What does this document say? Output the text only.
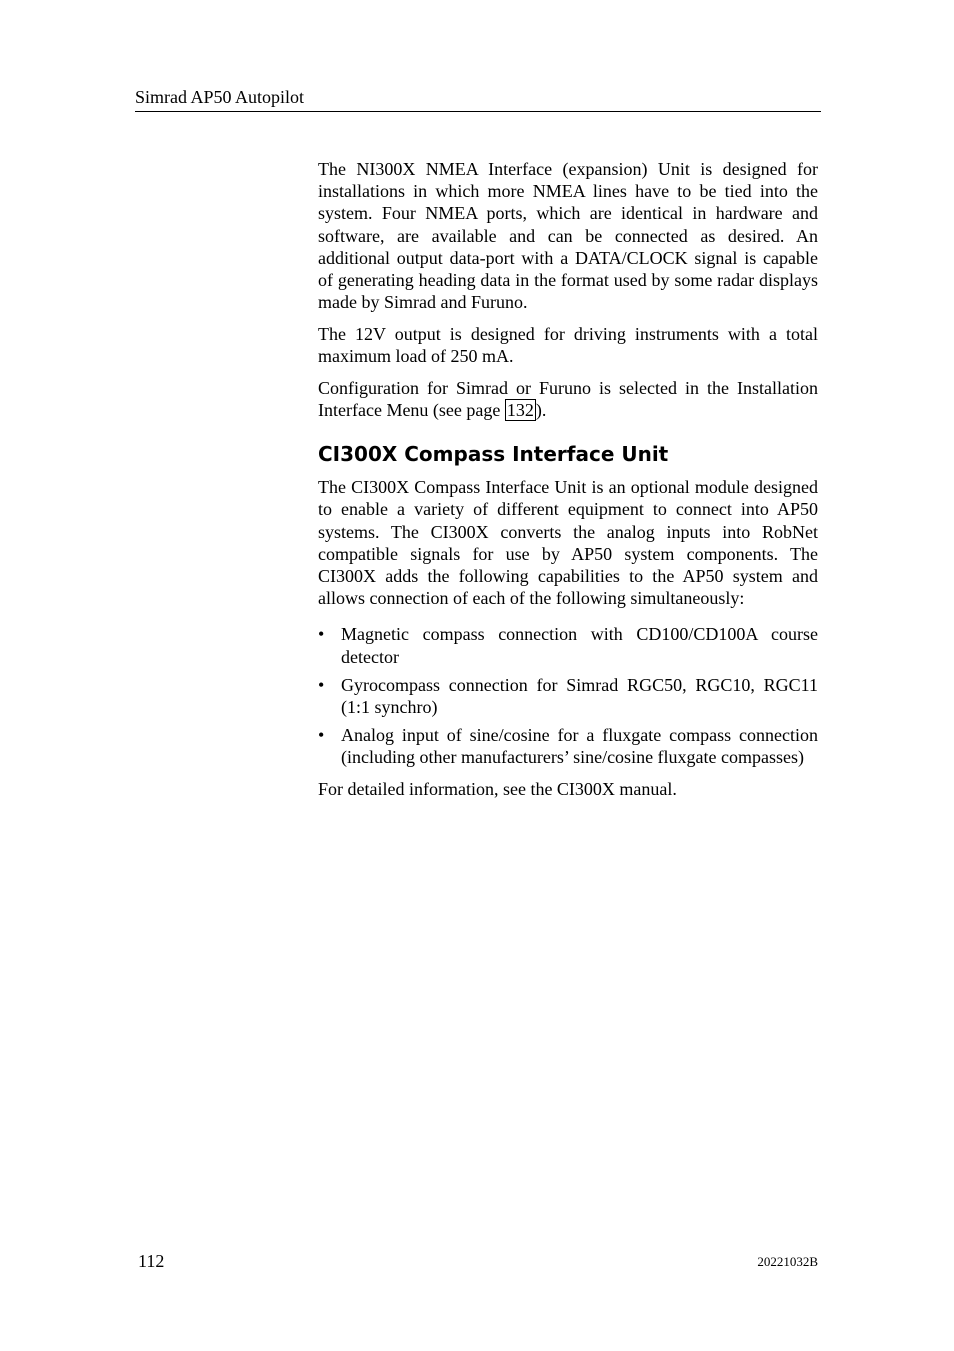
Simrad AP50 Autopilot

The NI300X NMEA Interface (expansion) Unit is designed for installations in which more NMEA lines have to be tied into the system. Four NMEA ports, which are identical in hardware and software, are available and can be connected as desired. An additional output data-port with a DATA/CLOCK signal is capable of generating heading data in the format used by some radar displays made by Simrad and Furuno.

The 12V output is designed for driving instruments with a total maximum load of 250 mA.

Configuration for Simrad or Furuno is selected in the Installation Interface Menu (see page 132 ).

CI300X Compass Interface Unit

The CI300X Compass Interface Unit is an optional module designed to enable a variety of different equipment to connect into AP50 systems. The CI300X converts the analog inputs into RobNet compatible signals for use by AP50 system components. The CI300X adds the following capabilities to the AP50 system and allows connection of each of the following simultaneously:

• Magnetic compass connection with CD100/CD100A course detector
• Gyrocompass connection for Simrad RGC50, RGC10, RGC11 (1:1 synchro)
• Analog input of sine/cosine for a fluxgate compass connection (including other manufacturers’ sine/cosine fluxgate compasses)

For detailed information, see the CI300X manual.

112	20221032B
